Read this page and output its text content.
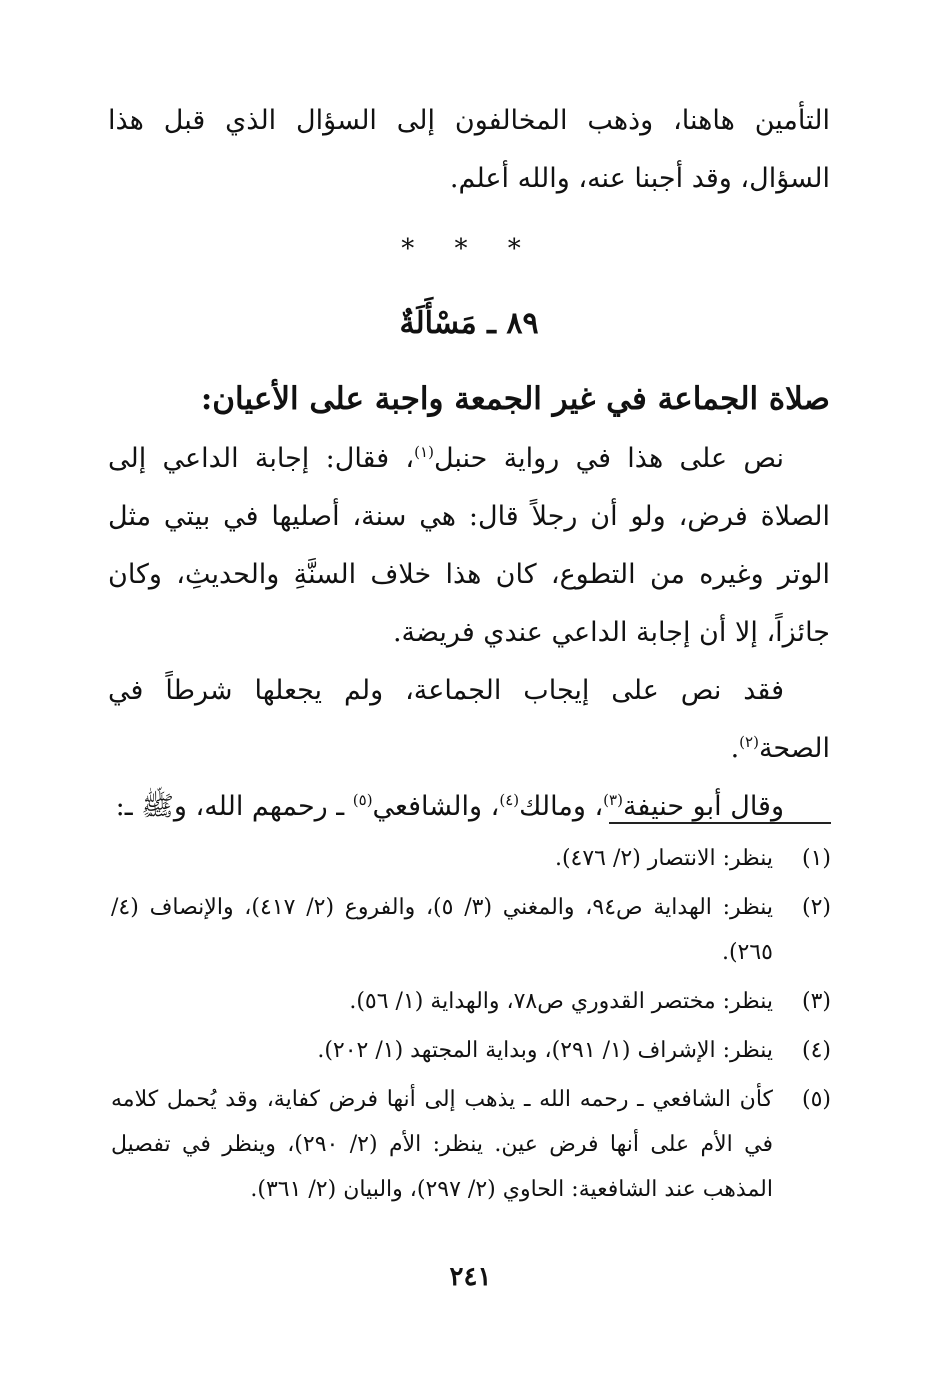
التأمين هاهنا، وذهب المخالفون إلى السؤال الذي قبل هذا السؤال، وقد أجبنا عنه، والله أعلم.

* * *
٨٩ ـ مَسْأَلَةٌ
صلاة الجماعة في غير الجمعة واجبة على الأعيان:

نص على هذا في رواية حنبل$^{(١)}$، فقال: إجابة الداعي إلى الصلاة فرض، ولو أن رجلاً قال: هي سنة، أصليها في بيتي مثل الوتر وغيره من التطوع، كان هذا خلاف السنَّةِ والحديثِ، وكان جائزاً، إلا أن إجابة الداعي عندي فريضة.

فقد نص على إيجاب الجماعة، ولم يجعلها شرطاً في الصحة$^{(٢)}$.

وقال أبو حنيفة$^{(٣)}$، ومالك$^{(٤)}$، والشافعي$^{(٥)}$ ـ رحمهم الله، وﷺ ـ:

(١)
ينظر: الانتصار (٢/ ٤٧٦).
(٢)
ينظر: الهداية ص٩٤، والمغني (٣/ ٥)، والفروع (٢/ ٤١٧)، والإنصاف (٤/ ٢٦٥).
(٣)
ينظر: مختصر القدوري ص٧٨، والهداية (١/ ٥٦).
(٤)
ينظر: الإشراف (١/ ٢٩١)، وبداية المجتهد (١/ ٢٠٢).
(٥)
كأن الشافعي ـ رحمه الله ـ يذهب إلى أنها فرض كفاية، وقد يُحمل كلامه في الأم على أنها فرض عين. ينظر: الأم (٢/ ٢٩٠)، وينظر في تفصيل المذهب عند الشافعية: الحاوي (٢/ ٢٩٧)، والبيان (٢/ ٣٦١).
٢٤١
